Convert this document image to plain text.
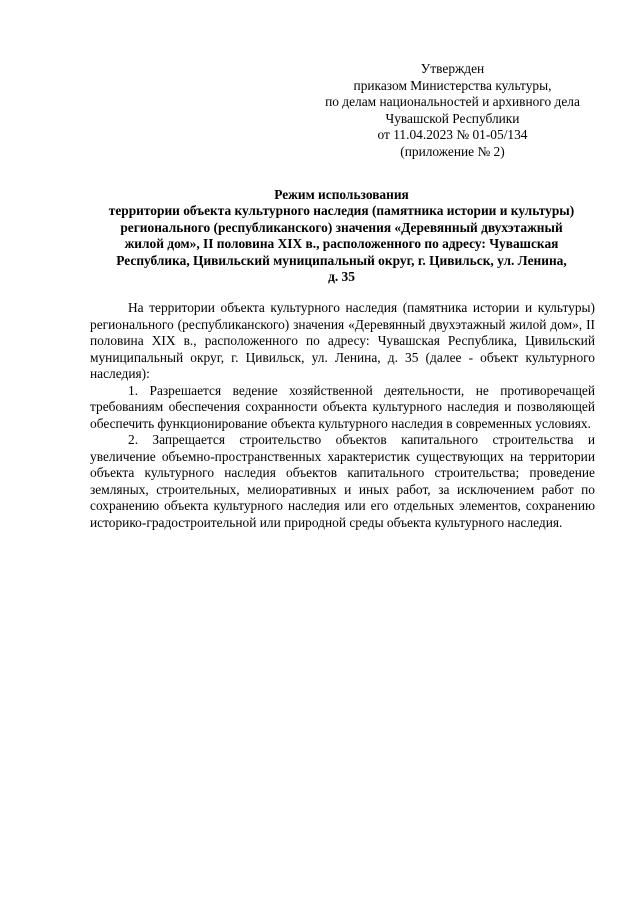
Утвержден
приказом Министерства культуры,
по делам национальностей и архивного дела
Чувашской Республики
от 11.04.2023 № 01-05/134
(приложение № 2)
Режим использования
территории объекта культурного наследия (памятника истории и культуры)
регионального (республиканского) значения «Деревянный двухэтажный
жилой дом», II половина XIX в., расположенного по адресу: Чувашская
Республика, Цивильский муниципальный округ, г. Цивильск, ул. Ленина,
д. 35

На территории объекта культурного наследия (памятника истории и культуры) регионального (республиканского) значения «Деревянный двухэтажный жилой дом», II половина XIX в., расположенного по адресу: Чувашская Республика, Цивильский муниципальный округ, г. Цивильск, ул. Ленина, д. 35 (далее - объект культурного наследия):

1. Разрешается ведение хозяйственной деятельности, не противоречащей требованиям обеспечения сохранности объекта культурного наследия и позволяющей обеспечить функционирование объекта культурного наследия в современных условиях.

2. Запрещается строительство объектов капитального строительства и увеличение объемно-пространственных характеристик существующих на территории объекта культурного наследия объектов капитального строительства; проведение земляных, строительных, мелиоративных и иных работ, за исключением работ по сохранению объекта культурного наследия или его отдельных элементов, сохранению историко-градостроительной или природной среды объекта культурного наследия.
